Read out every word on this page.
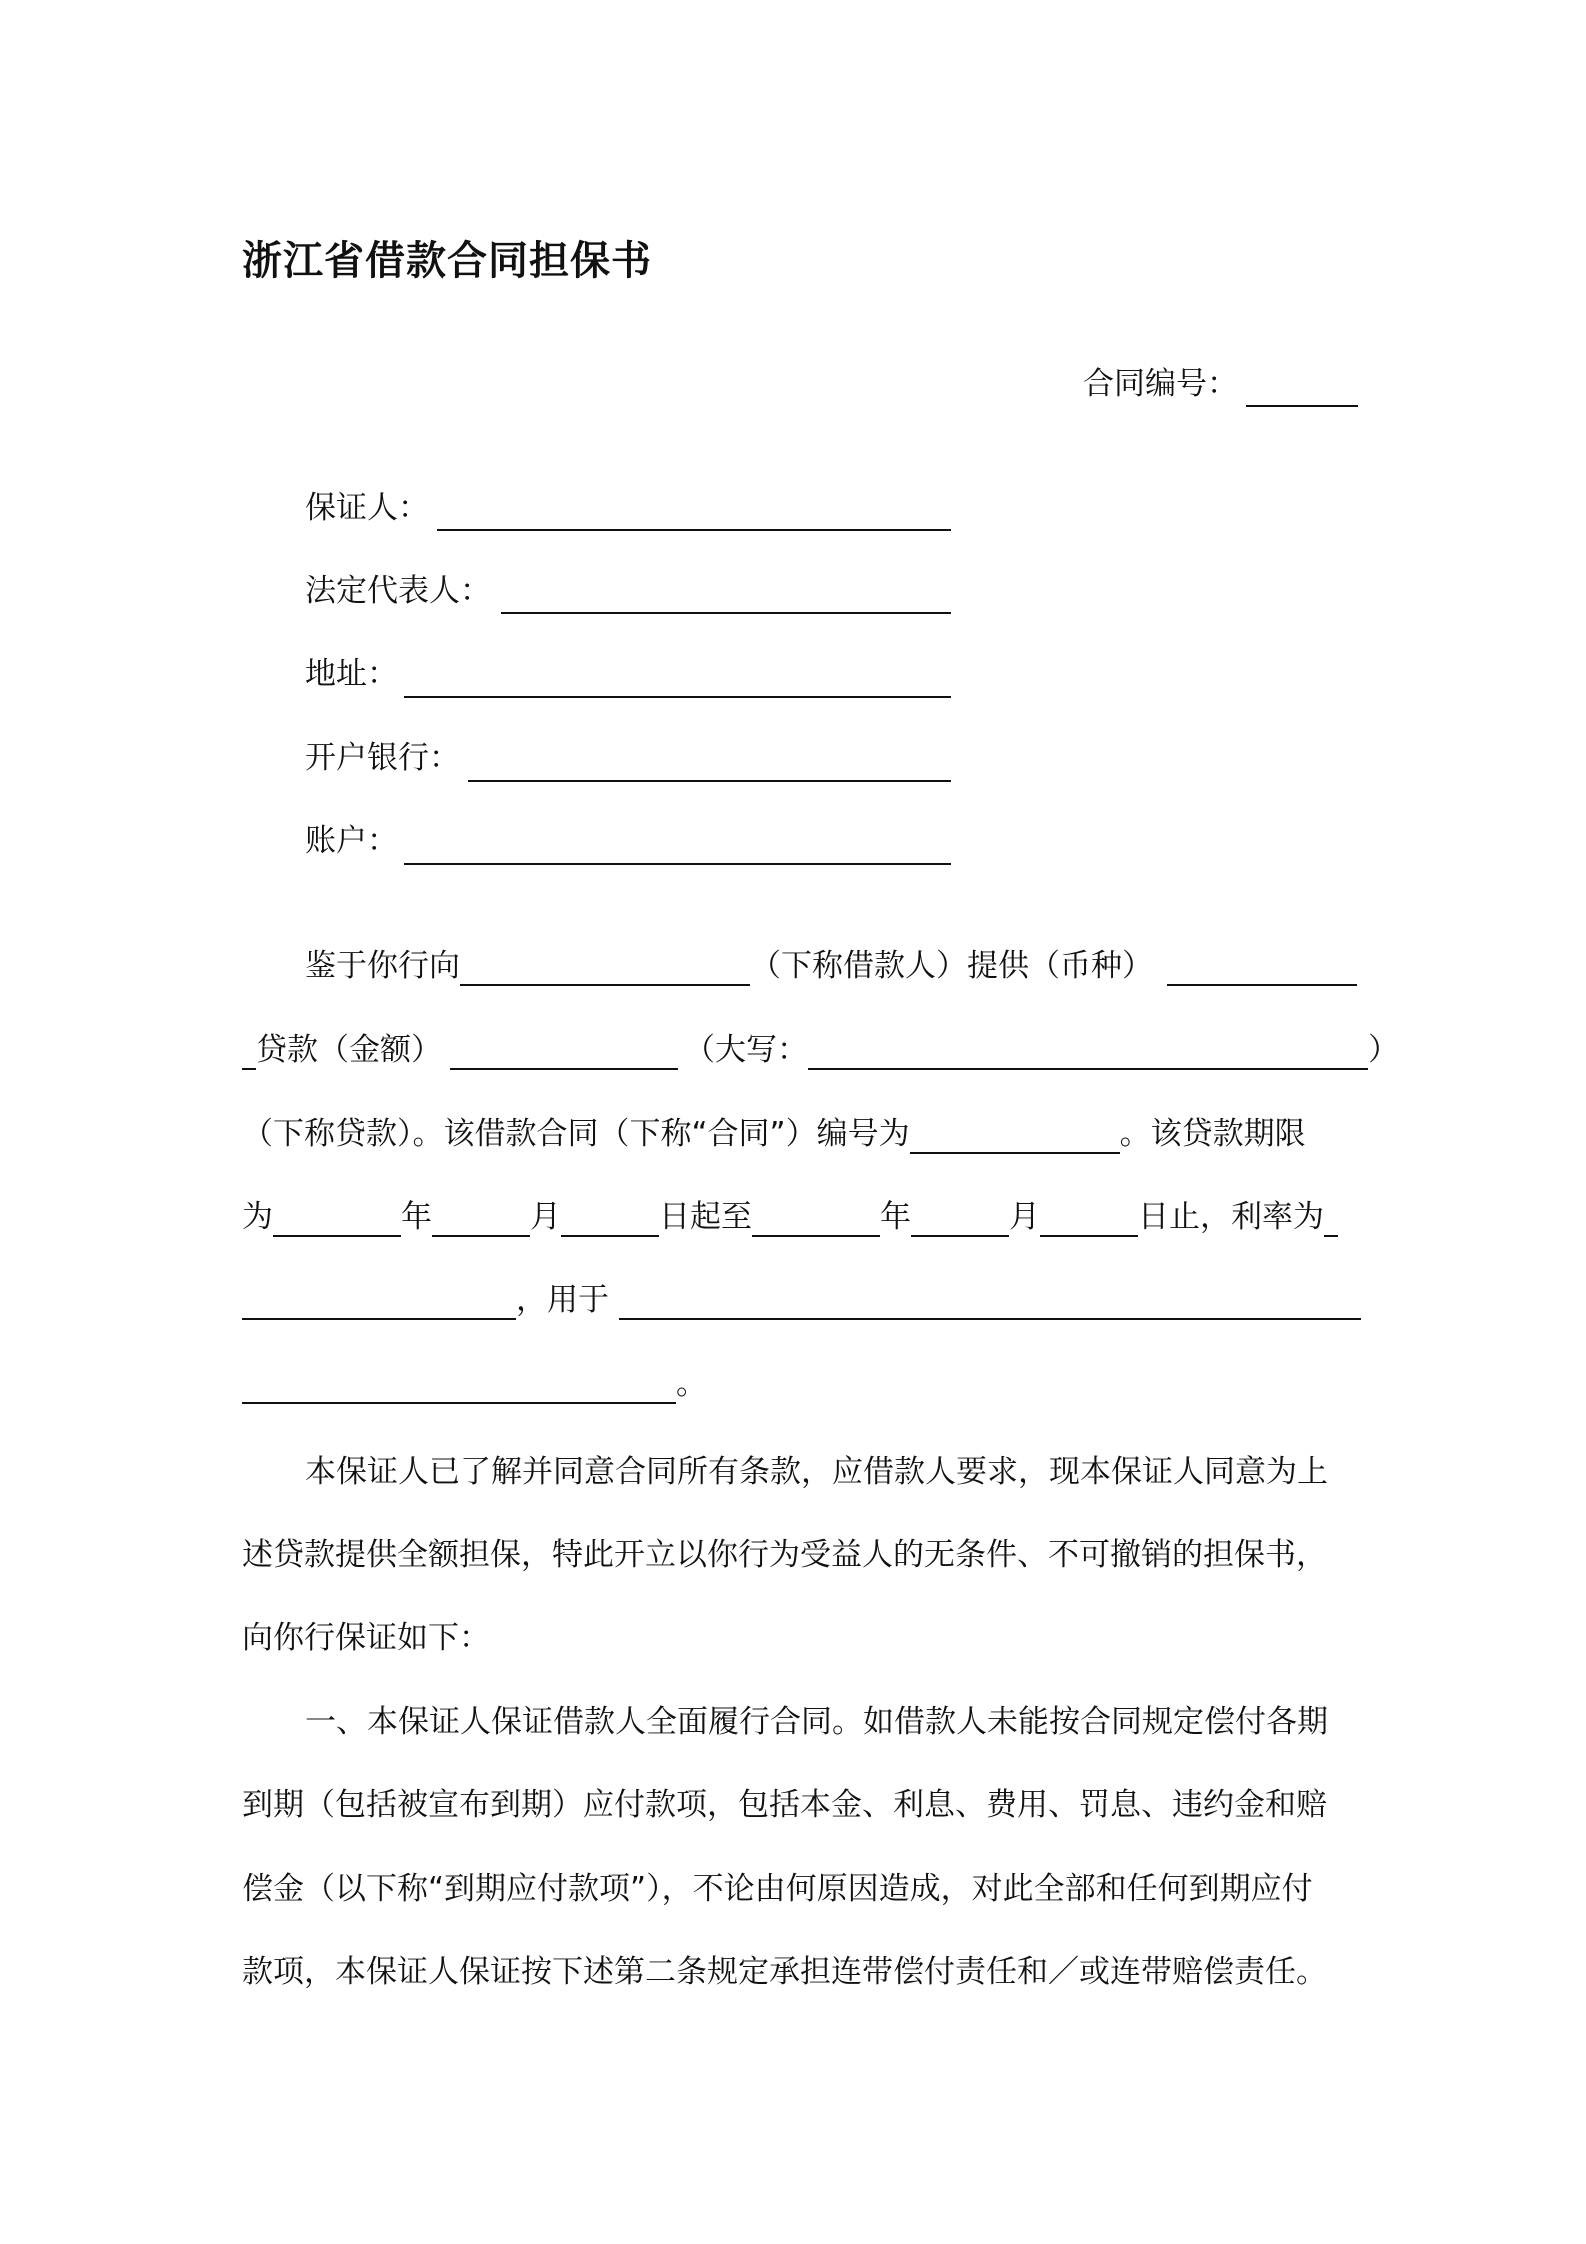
浙江省借款合同担保书
合同编号：
保证人：
法定代表人：
地址：
开户银行：
账户：
鉴于你行向	（下称借款人）提供（币种）
贷款（金额）	（大写：	）
（下称贷款）。该借款合同（下称“合同”）编号为	。该贷款期限
为	年	月	日起至	年	月	日止，利率为
，用于
。
本保证人已了解并同意合同所有条款，应借款人要求，现本保证人同意为上
述贷款提供全额担保，特此开立以你行为受益人的无条件、不可撤销的担保书，
向你行保证如下：
一、本保证人保证借款人全面履行合同。如借款人未能按合同规定偿付各期
到期（包括被宣布到期）应付款项，包括本金、利息、费用、罚息、违约金和赔
偿金（以下称“到期应付款项”），不论由何原因造成，对此全部和任何到期应付
款项，本保证人保证按下述第二条规定承担连带偿付责任和／或连带赔偿责任。
